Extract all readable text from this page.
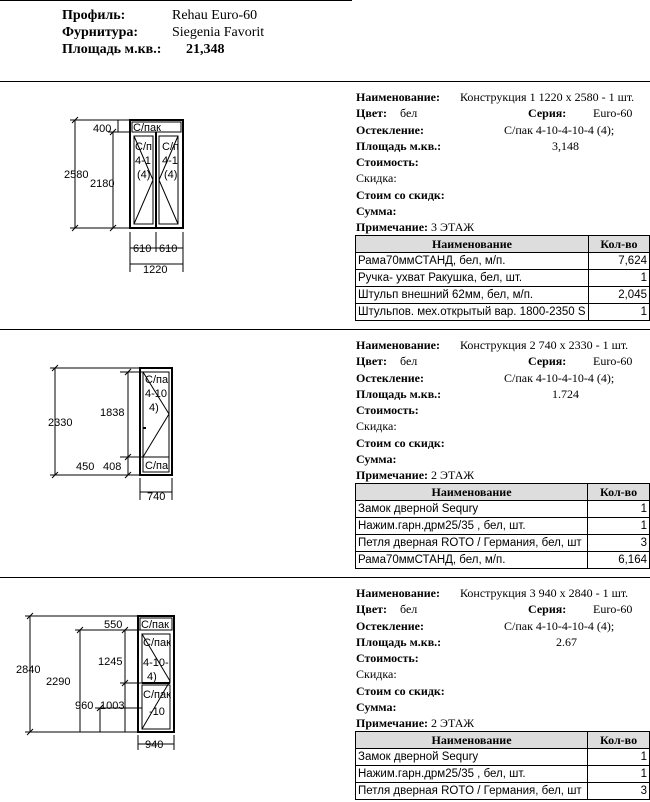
Профиль:	Rehau Euro-60
Фурнитура: Siegenia Favorit
Площадь м.кв.: 21,348
400
2580
2180
610 610
1220
С/пак
С/п
4-1
(4)
С/п
4-1
(4)
Наименование: Конструкция 1 1220 x 2580 - 1 шт.
Цвет: бел	Серия: Euro-60
Остекление:	С/пак 4-10-4-10-4 (4);
Площадь м.кв.:	3,148
Стоимость:
Скидка:
Стоим со скидк:
Сумма:
Примечание: 3 ЭТАЖ
Наименование	Кол-во
Рама70ммСТАНД, бел, м/п.	7,624
Ручка- ухват Ракушка, бел, шт.	1
Штульп внешний 62мм, бел, м/п.	2,045
Штульпов. мех.открытый вар. 1800-2350 S	1
2330
1838
450 408
740
С/па
4-10
4)
С/па
Наименование: Конструкция 2 740 x 2330 - 1 шт.
Цвет: бел	Серия: Euro-60
Остекление:	С/пак 4-10-4-10-4 (4);
Площадь м.кв.:	1.724
Стоимость:
Скидка:
Стоим со скидк:
Сумма:
Примечание: 2 ЭТАЖ
Наименование	Кол-во
Замок дверной Sequry	1
Нажим.гарн.дрм25/35 , бел, шт.	1
Петля дверная ROTO / Германия, бел, шт	3
Рама70ммСТАНД, бел, м/п.	6,164
550
2840
2290
1245
960 1003
940
С/пак
С/пак
4-10-
4)
С/пак
-10
Наименование: Конструкция 3 940 x 2840 - 1 шт.
Цвет: бел	Серия: Euro-60
Остекление:	С/пак 4-10-4-10-4 (4);
Площадь м.кв.:	2.67
Стоимость:
Скидка:
Стоим со скидк:
Сумма:
Примечание: 2 ЭТАЖ
Наименование	Кол-во
Замок дверной Sequry	1
Нажим.гарн.дрм25/35 , бел, шт.	1
Петля дверная ROTO / Германия, бел, шт	3
